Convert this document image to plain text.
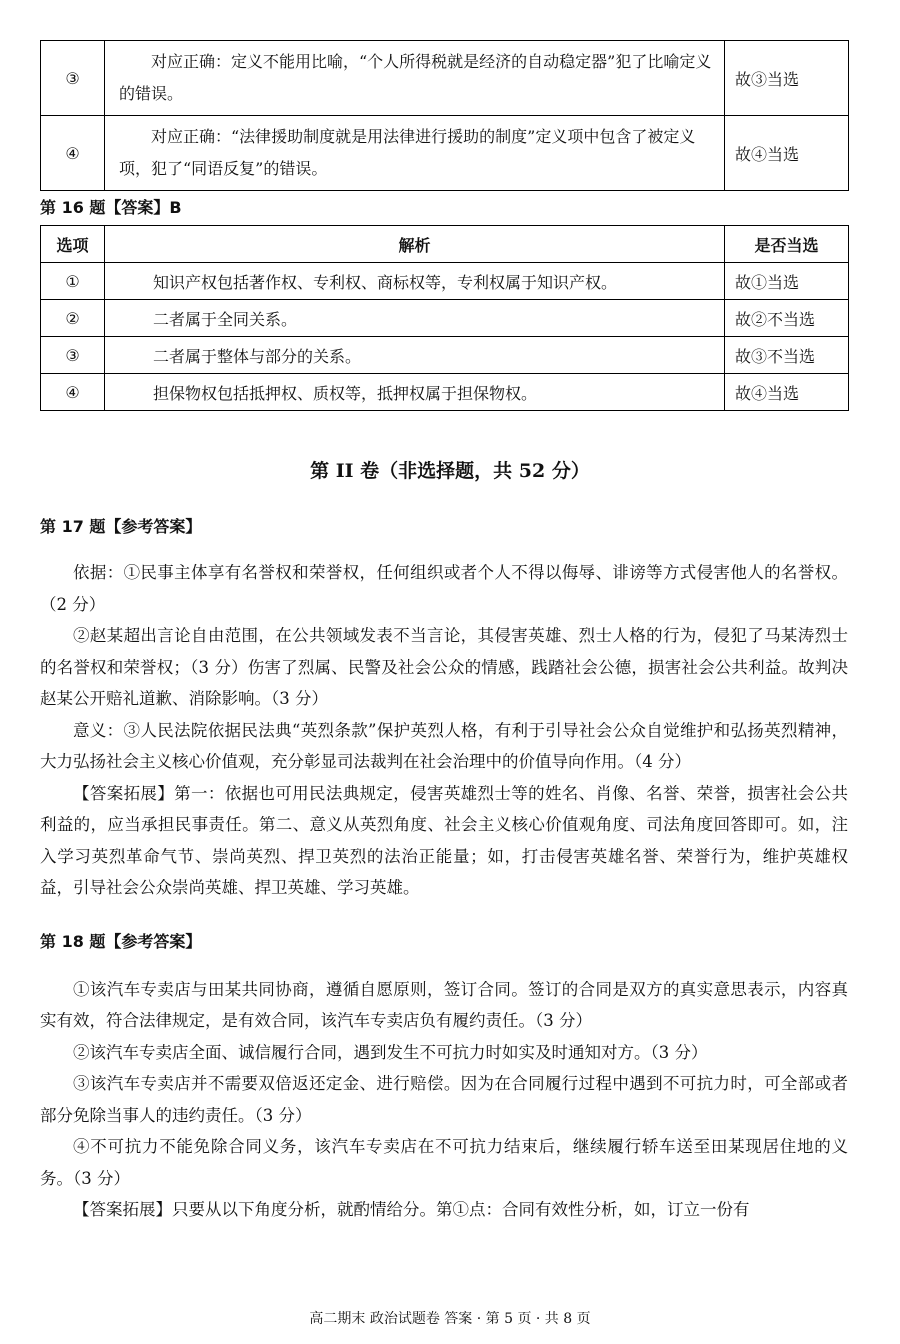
③	对应正确：定义不能用比喻，“个人所得税就是经济的自动稳定器”犯了比喻定义的错误。	故③当选
④	对应正确：“法律援助制度就是用法律进行援助的制度”定义项中包含了被定义项，犯了“同语反复”的错误。	故④当选

第 16 题【答案】B

选项	解析	是否当选
①	知识产权包括著作权、专利权、商标权等，专利权属于知识产权。	故①当选
②	二者属于全同关系。	故②不当选
③	二者属于整体与部分的关系。	故③不当选
④	担保物权包括抵押权、质权等，抵押权属于担保物权。	故④当选

第 II 卷（非选择题，共 52 分）

第 17 题【参考答案】

依据：①民事主体享有名誉权和荣誉权，任何组织或者个人不得以侮辱、诽谤等方式侵害他人的名誉权。（2 分）

②赵某超出言论自由范围，在公共领域发表不当言论，其侵害英雄、烈士人格的行为，侵犯了马某涛烈士的名誉权和荣誉权；（3 分）伤害了烈属、民警及社会公众的情感，践踏社会公德，损害社会公共利益。故判决赵某公开赔礼道歉、消除影响。（3 分）

意义：③人民法院依据民法典“英烈条款”保护英烈人格，有利于引导社会公众自觉维护和弘扬英烈精神，大力弘扬社会主义核心价值观，充分彰显司法裁判在社会治理中的价值导向作用。（4 分）

【答案拓展】第一：依据也可用民法典规定，侵害英雄烈士等的姓名、肖像、名誉、荣誉，损害社会公共利益的，应当承担民事责任。第二、意义从英烈角度、社会主义核心价值观角度、司法角度回答即可。如，注入学习英烈革命气节、崇尚英烈、捍卫英烈的法治正能量；如，打击侵害英雄名誉、荣誉行为，维护英雄权益，引导社会公众崇尚英雄、捍卫英雄、学习英雄。

第 18 题【参考答案】

①该汽车专卖店与田某共同协商，遵循自愿原则，签订合同。签订的合同是双方的真实意思表示，内容真实有效，符合法律规定，是有效合同，该汽车专卖店负有履约责任。（3 分）

②该汽车专卖店全面、诚信履行合同，遇到发生不可抗力时如实及时通知对方。（3 分）

③该汽车专卖店并不需要双倍返还定金、进行赔偿。因为在合同履行过程中遇到不可抗力时，可全部或者部分免除当事人的违约责任。（3 分）

④不可抗力不能免除合同义务，该汽车专卖店在不可抗力结束后，继续履行轿车送至田某现居住地的义务。（3 分）

【答案拓展】只要从以下角度分析，就酌情给分。第①点：合同有效性分析，如，订立一份有

高二期末 政治试题卷 答案 · 第 5 页 · 共 8 页
